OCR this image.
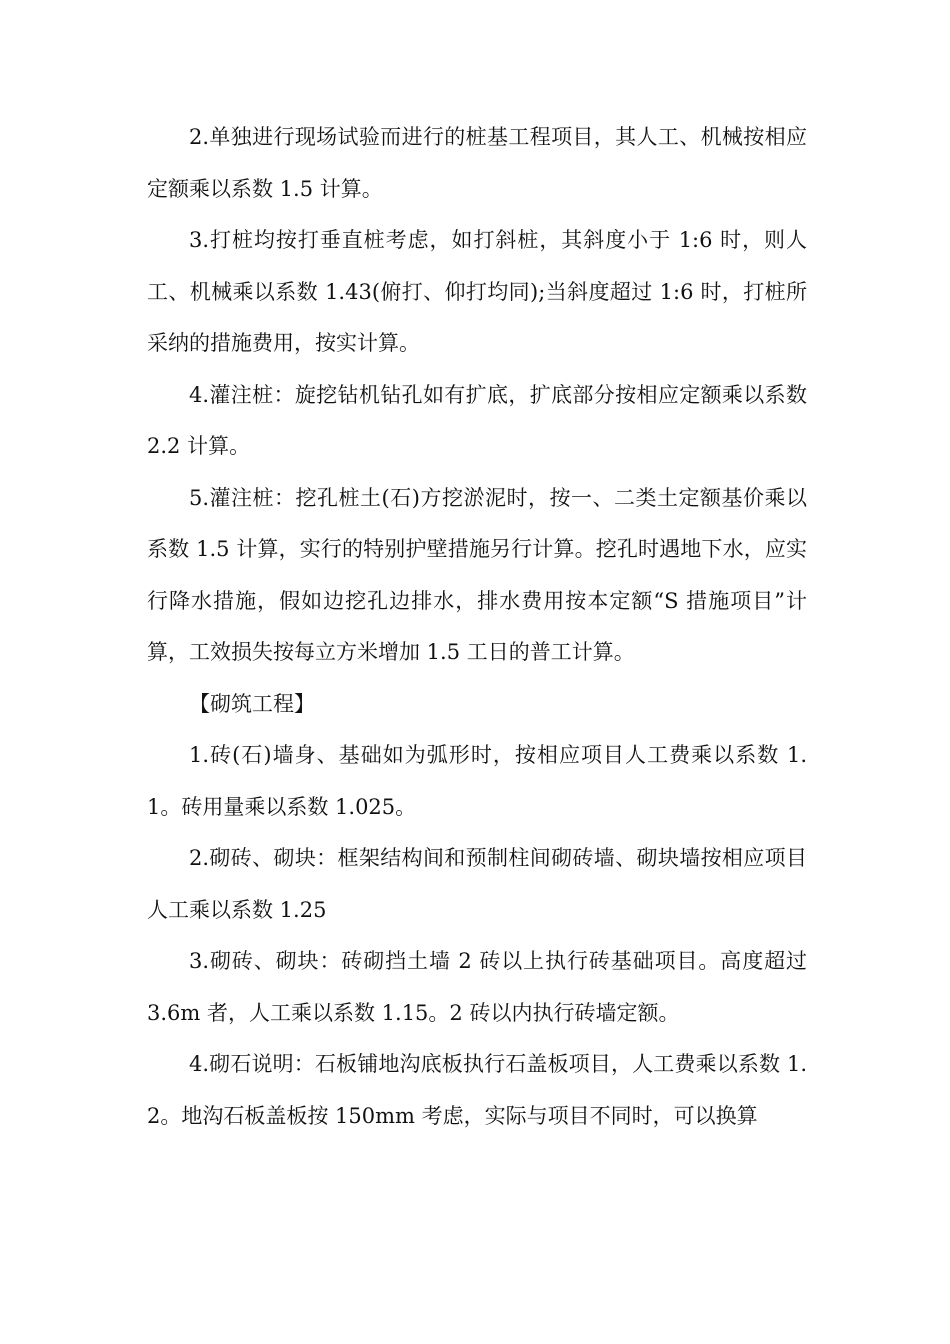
2.单独进行现场试验而进行的桩基工程项目，其人工、机械按相应定额乘以系数 1.5 计算。

3.打桩均按打垂直桩考虑，如打斜桩，其斜度小于 1:6 时，则人工、机械乘以系数 1.43(俯打、仰打均同);当斜度超过 1:6 时，打桩所采纳的措施费用，按实计算。

4.灌注桩：旋挖钻机钻孔如有扩底，扩底部分按相应定额乘以系数 2.2 计算。

5.灌注桩：挖孔桩土(石)方挖淤泥时，按一、二类土定额基价乘以系数 1.5 计算，实行的特别护壁措施另行计算。挖孔时遇地下水，应实行降水措施，假如边挖孔边排水，排水费用按本定额“S 措施项目”计算，工效损失按每立方米增加 1.5 工日的普工计算。

【砌筑工程】

1.砖(石)墙身、基础如为弧形时，按相应项目人工费乘以系数 1.1。砖用量乘以系数 1.025。

2.砌砖、砌块：框架结构间和预制柱间砌砖墙、砌块墙按相应项目人工乘以系数 1.25

3.砌砖、砌块：砖砌挡土墙 2 砖以上执行砖基础项目。高度超过 3.6m 者，人工乘以系数 1.15。2 砖以内执行砖墙定额。

4.砌石说明：石板铺地沟底板执行石盖板项目，人工费乘以系数 1.2。地沟石板盖板按 150mm 考虑，实际与项目不同时，可以换算
